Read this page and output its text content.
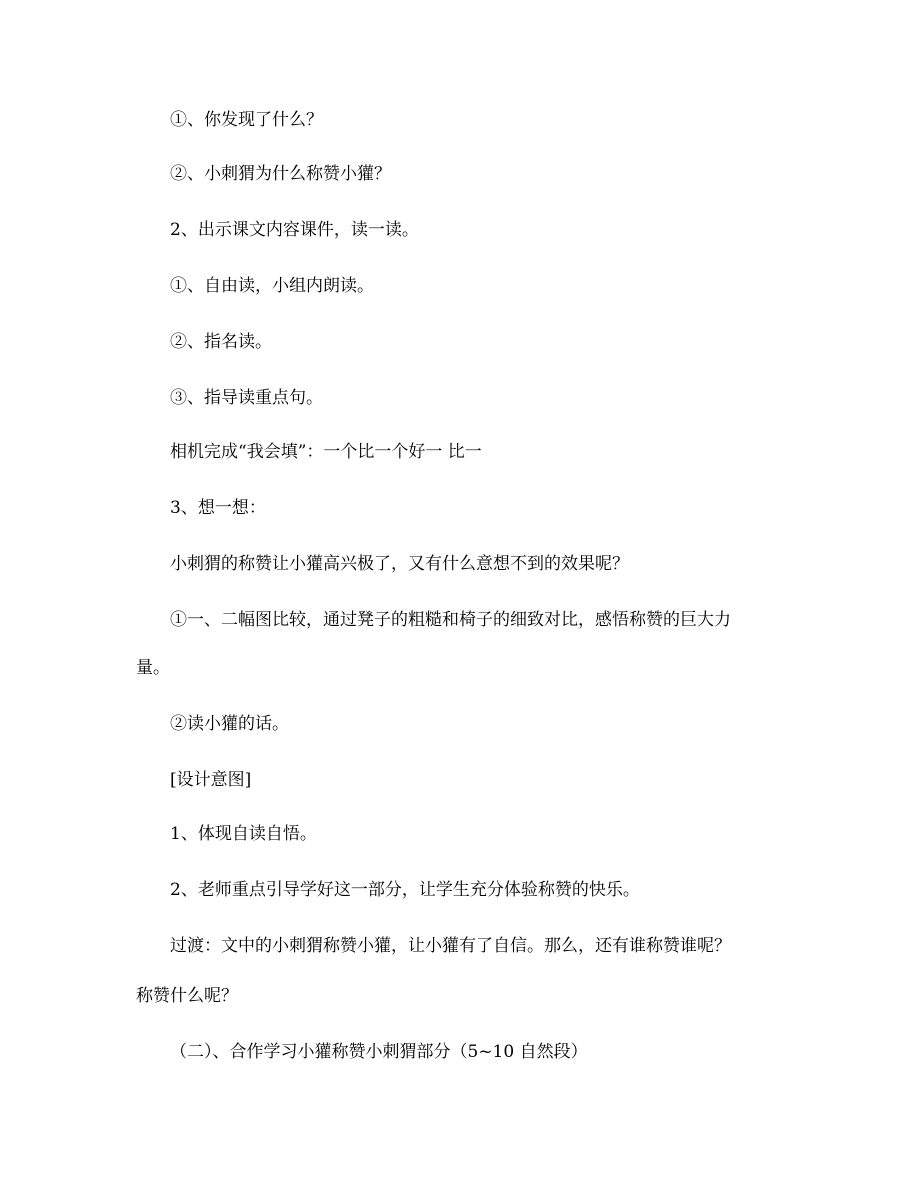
①、你发现了什么？
②、小刺猬为什么称赞小獾？
2、出示课文内容课件，读一读。
①、自由读，小组内朗读。
②、指名读。
③、指导读重点句。
相机完成“我会填”：一个比一个好一 比一
3、想一想：
小刺猬的称赞让小獾高兴极了，又有什么意想不到的效果呢？
①一、二幅图比较，通过凳子的粗糙和椅子的细致对比，感悟称赞的巨大力
量。
②读小獾的话。
[设计意图]
1、体现自读自悟。
2、老师重点引导学好这一部分，让学生充分体验称赞的快乐。
过渡：文中的小刺猬称赞小獾，让小獾有了自信。那么，还有谁称赞谁呢？
称赞什么呢？
（二）、合作学习小獾称赞小刺猬部分（5~10 自然段）
